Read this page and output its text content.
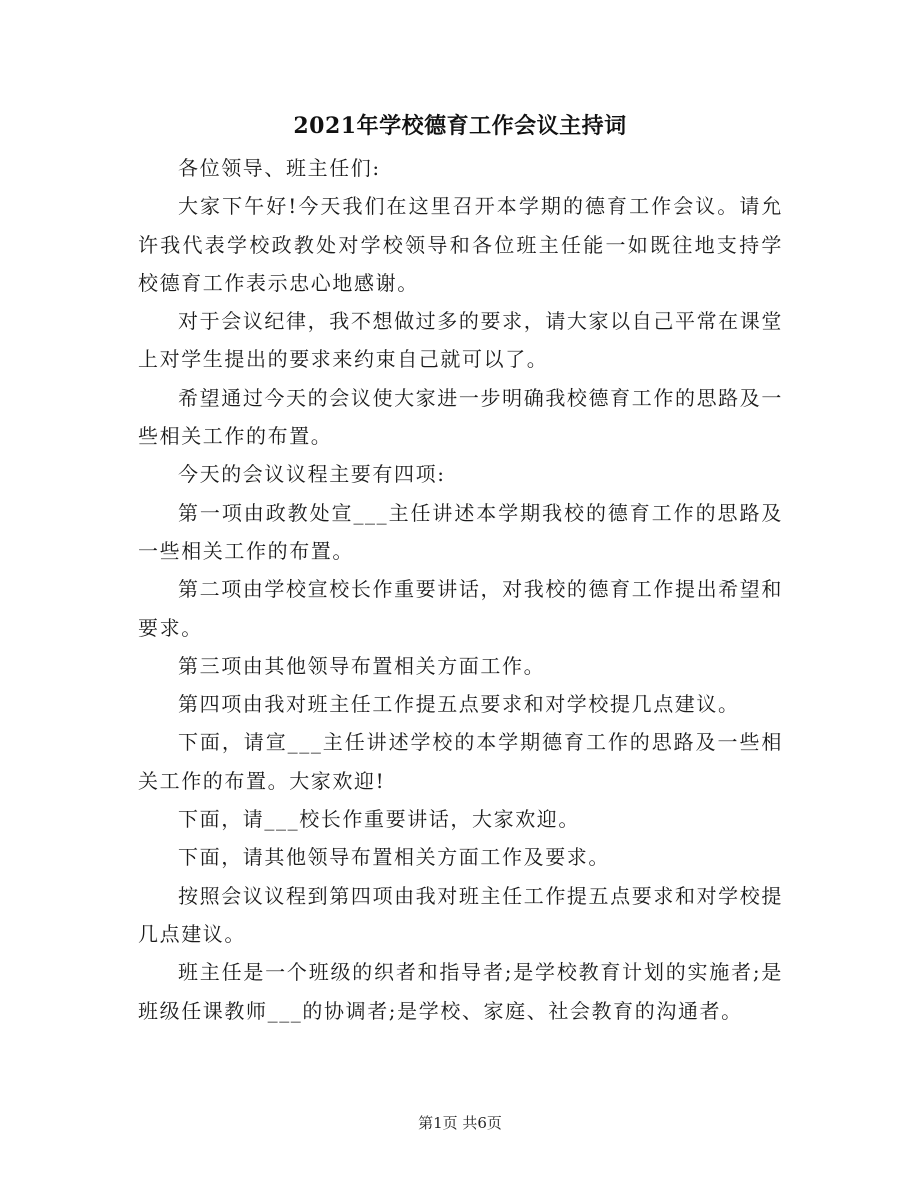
2021年学校德育工作会议主持词

各位领导、班主任们:

大家下午好!今天我们在这里召开本学期的德育工作会议。请允许我代表学校政教处对学校领导和各位班主任能一如既往地支持学校德育工作表示忠心地感谢。

对于会议纪律，我不想做过多的要求，请大家以自己平常在课堂上对学生提出的要求来约束自己就可以了。

希望通过今天的会议使大家进一步明确我校德育工作的思路及一些相关工作的布置。

今天的会议议程主要有四项:

第一项由政教处宣___主任讲述本学期我校的德育工作的思路及一些相关工作的布置。

第二项由学校宣校长作重要讲话，对我校的德育工作提出希望和要求。

第三项由其他领导布置相关方面工作。

第四项由我对班主任工作提五点要求和对学校提几点建议。

下面，请宣___主任讲述学校的本学期德育工作的思路及一些相关工作的布置。大家欢迎!

下面，请___校长作重要讲话，大家欢迎。

下面，请其他领导布置相关方面工作及要求。

按照会议议程到第四项由我对班主任工作提五点要求和对学校提几点建议。

班主任是一个班级的织者和指导者;是学校教育计划的实施者;是班级任课教师___的协调者;是学校、家庭、社会教育的沟通者。

第1页 共6页
